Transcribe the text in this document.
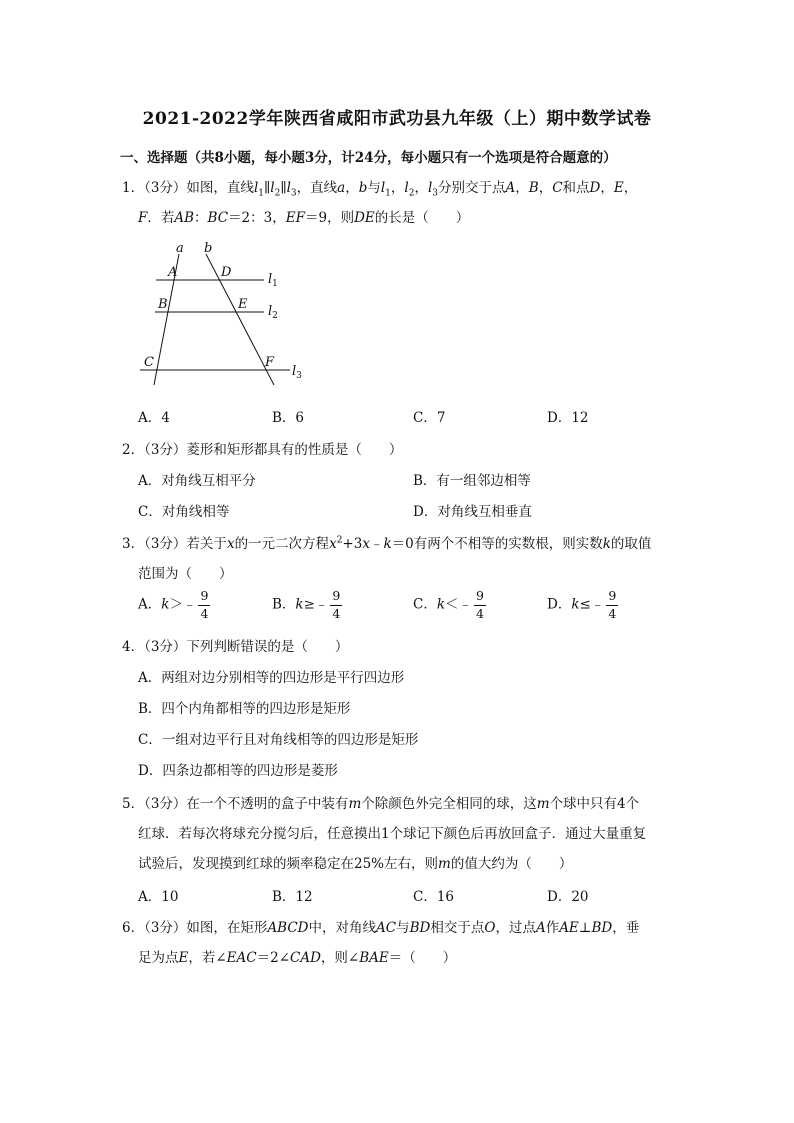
2021-2022学年陕西省咸阳市武功县九年级（上）期中数学试卷
一、选择题（共8小题，每小题3分，计24分，每小题只有一个选项是符合题意的）
1．（3分）如图，直线$l_1\parallel l_2\parallel l_3$，直线a，b与$l_1$，$l_2$，$l_3$分别交于点A，B，C和点D，E，
F．若AB：BC＝2：3，EF＝9，则DE的长是（　　）
a b
A	D	$l_1$
B	E $l_2$
C	F
$l_3$
A．4	B．6	C．7	D．12
2．（3分）菱形和矩形都具有的性质是（　　）
A．对角线互相平分	B．有一组邻边相等
C．对角线相等	D．对角线互相垂直
3．（3分）若关于x的一元二次方程$x^2+3x﹣k=0$有两个不相等的实数根，则实数k的取值
范围为（　　）
A．k＞﹣ $\frac{9}{4}$	B．k≥﹣ $\frac{9}{4}$	C．k＜﹣ $\frac{9}{4}$	D．k≤﹣ $\frac{9}{4}$
4．（3分）下列判断错误的是（　　）
A．两组对边分别相等的四边形是平行四边形
B．四个内角都相等的四边形是矩形
C．一组对边平行且对角线相等的四边形是矩形
D．四条边都相等的四边形是菱形
5．（3分）在一个不透明的盒子中装有m个除颜色外完全相同的球，这m个球中只有4个
红球．若每次将球充分搅匀后，任意摸出1个球记下颜色后再放回盒子．通过大量重复
试验后，发现摸到红球的频率稳定在25%左右，则m的值大约为（　　）
A．10	B．12	C．16	D．20
6．（3分）如图，在矩形ABCD中，对角线AC与BD相交于点O，过点A作AE⊥BD，垂
足为点E，若∠EAC＝2∠CAD，则∠BAE＝（　　）
